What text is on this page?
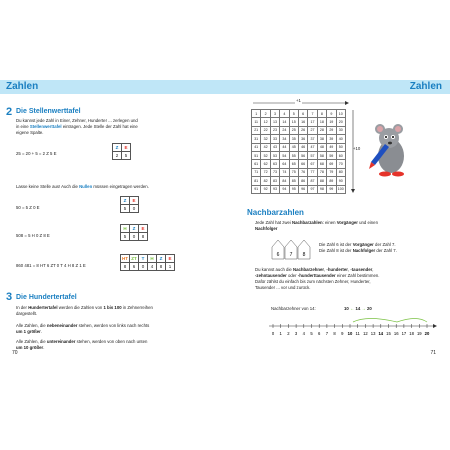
Zahlen
2 Die Stellenwerttafel
Du kannst jede Zahl in Einer, Zehner, Hunderter ... zerlegen und
in eine Stellenwerttafel eintragen. Jede Stelle der Zahl hat eine
eigene Spalte.
25 = 20 + 5 = 2 Z 5 E
Z	E
2	5
Lasse keine Stelle aus! Auch die Nullen müssen eingetragen werden.
50 = 5 Z 0 E
Z	E
5	0
508 = 5 H 0 Z 8 E
H	Z	E
5	0	8
860 481 = 8 HT 6 ZT 0 T 4 H 8 Z 1 E
HT	ZT	T	H	Z	E
8	6	0	4	8	1
3 Die Hundertertafel
In der Hundertertafel werden die Zahlen von 1 bis 100 in Zehnerreihen
dargestellt.
Alle Zahlen, die nebeneinander stehen, werden von links nach rechts
um 1 größer.
Alle Zahlen, die untereinander stehen, werden von oben nach unten
um 10 größer.
70
Zahlen
+1
1	2	3	4	5	6	7	8	9	10
11	12	13	14	15	16	17	18	19	20
21	22	23	24	25	26	27	28	29	30
31	32	33	34	35	36	37	38	39	40
41	42	43	44	45	46	47	48	49	50
51	52	53	54	55	56	57	58	59	60
61	62	63	64	65	66	67	68	69	70
71	72	73	74	75	76	77	78	79	80
81	82	83	84	85	86	87	88	89	90
91	92	93	94	95	96	97	98	99	100
+10
Nachbarzahlen
Jede Zahl hat zwei Nachbarzahlen: einen Vorgänger und einen
Nachfolger
6 7 8
Die Zahl 6 ist der Vorgänger der Zahl 7.
Die Zahl 8 ist der Nachfolger der Zahl 7.
Du kannst auch die Nachbarzehner, -hunderter, -tausender,
-zehntausender oder -hunderttausender einer Zahl bestimmen.
Dafür zählst du einfach bis zum nächsten Zehner, Hunderter,
Tausender ... vor und zurück.
Nachbarzehner von 14:	10 ← 14 → 20
0 1 2 3 4 5 6 7 8 9 10 11 12 13 14 15 16 17 18 19 20
71
